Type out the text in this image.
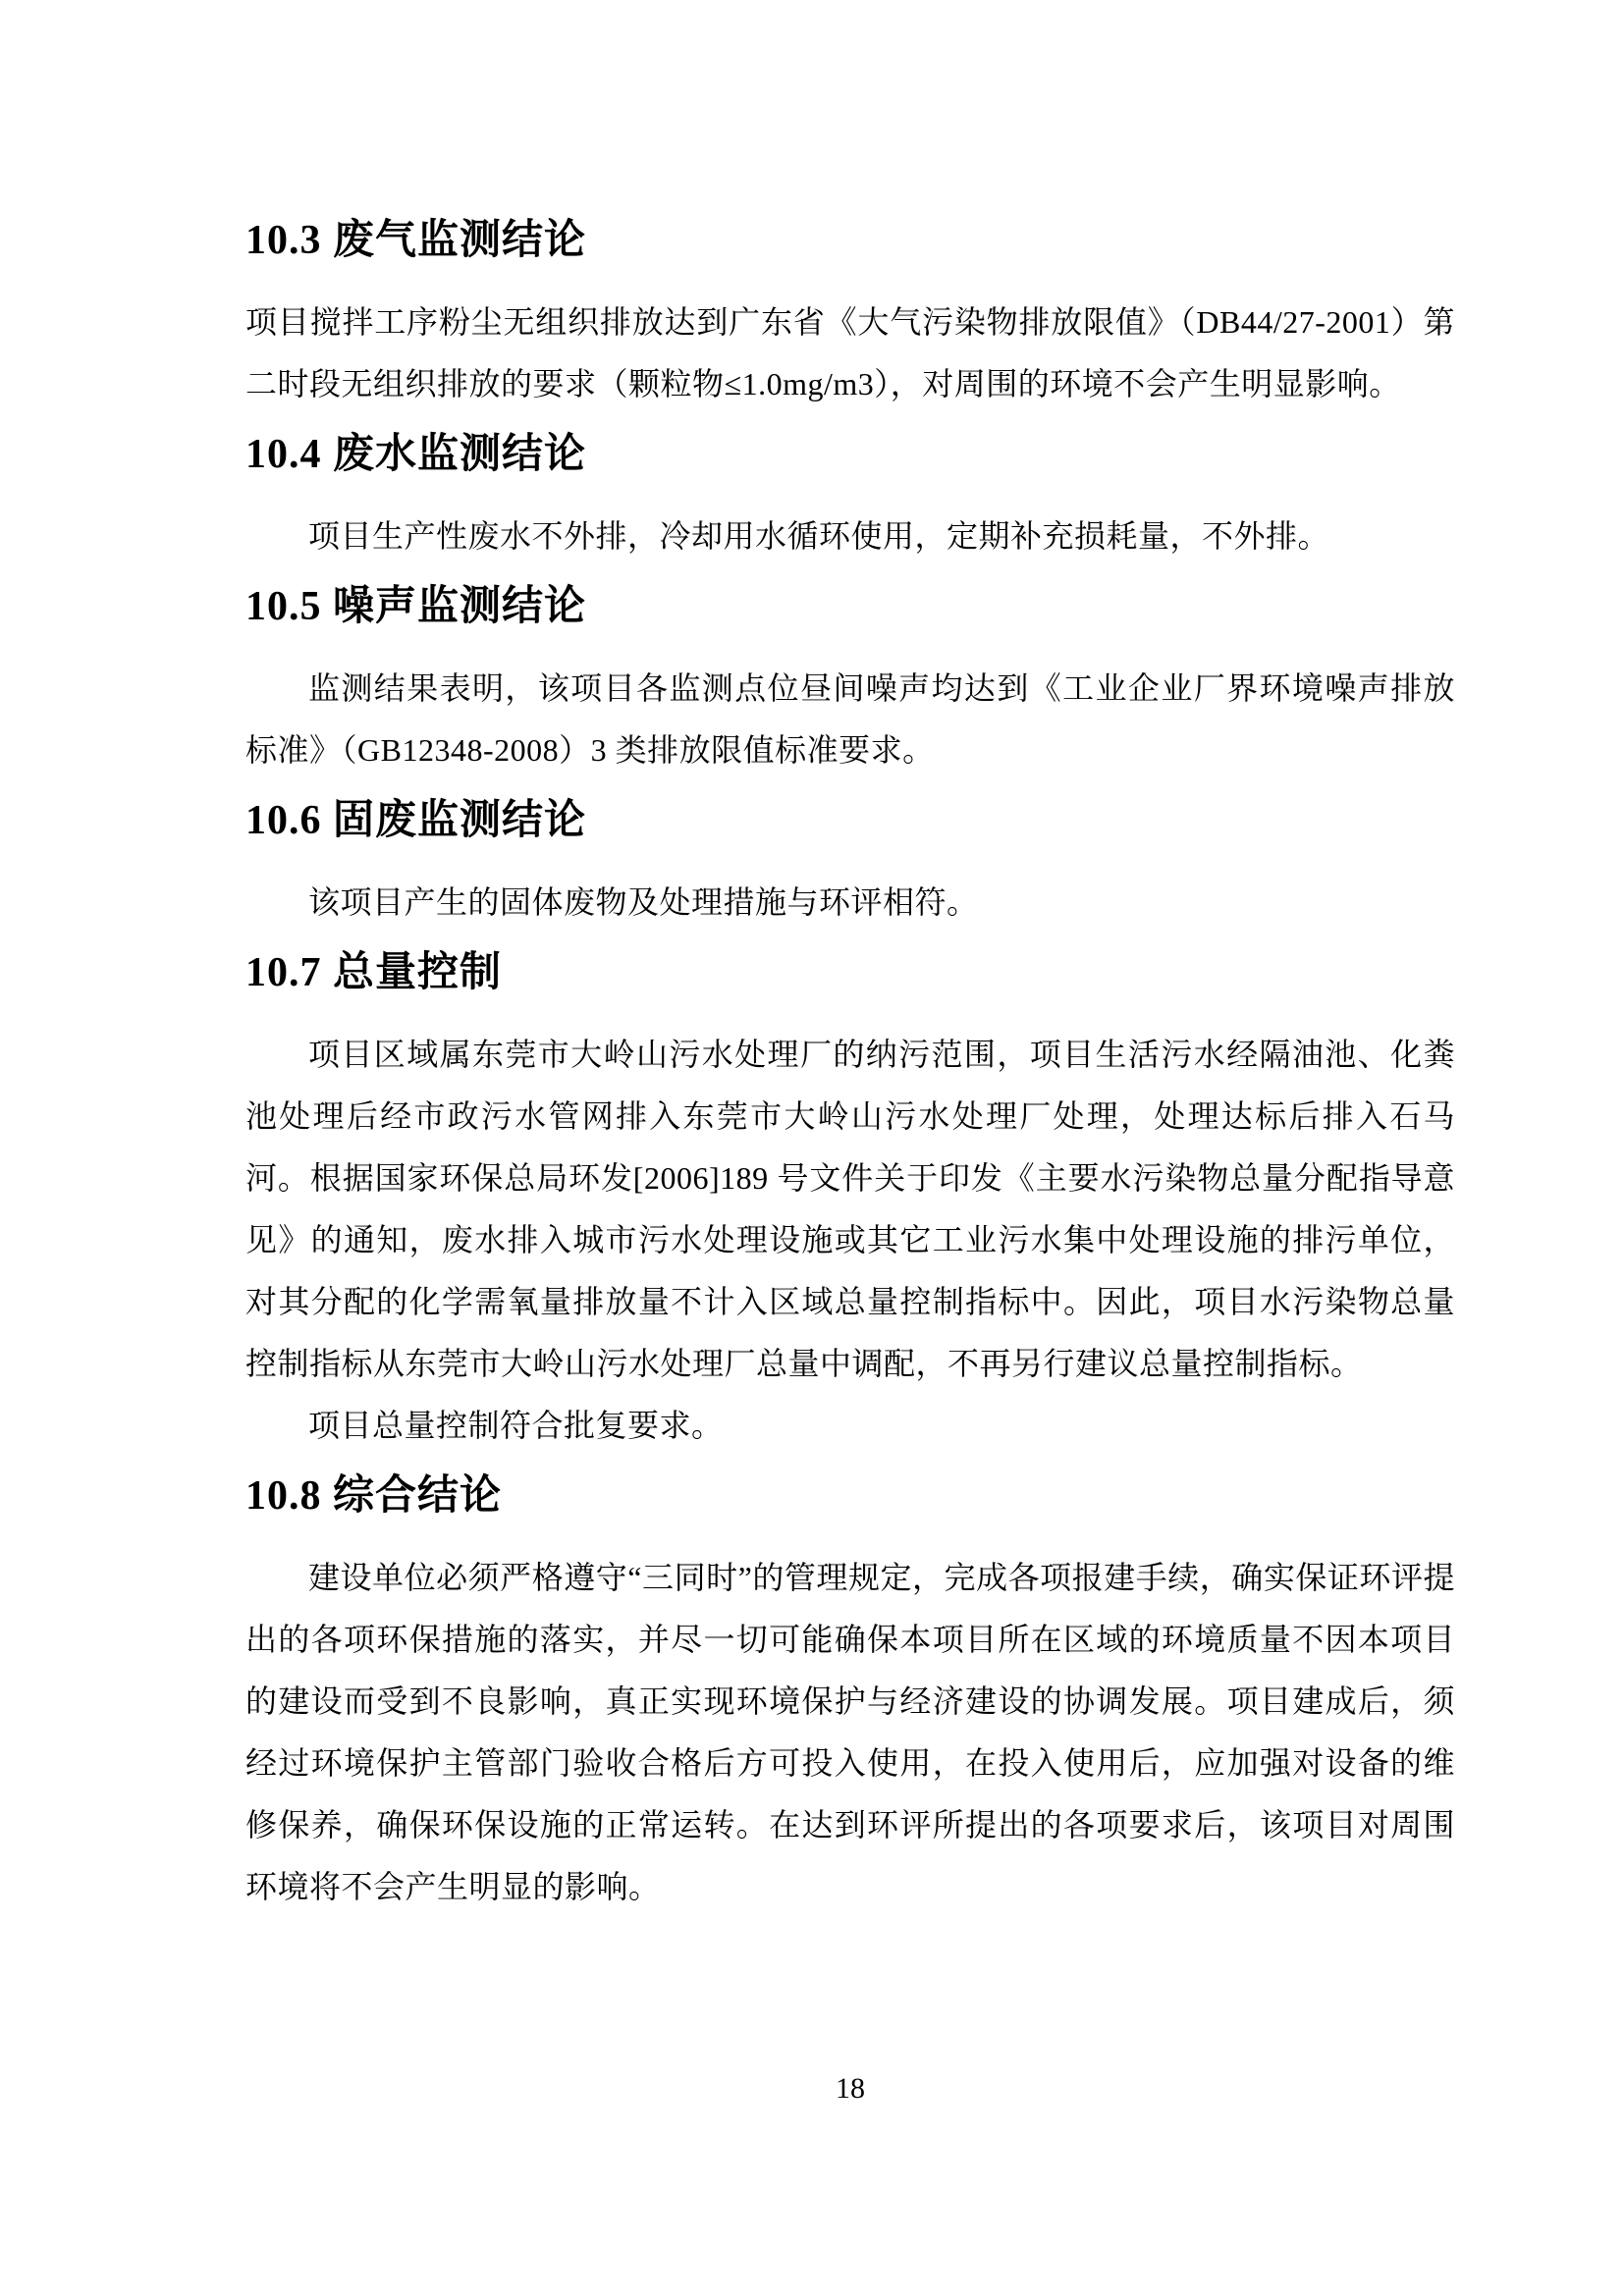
10.3 废气监测结论

项目搅拌工序粉尘无组织排放达到广东省《大气污染物排放限值》（DB44/27-2001）第二时段无组织排放的要求（颗粒物≤1.0mg/m3），对周围的环境不会产生明显影响。

10.4 废水监测结论

项目生产性废水不外排，冷却用水循环使用，定期补充损耗量，不外排。

10.5 噪声监测结论

监测结果表明，该项目各监测点位昼间噪声均达到《工业企业厂界环境噪声排放标准》（GB12348-2008）3 类排放限值标准要求。

10.6 固废监测结论

该项目产生的固体废物及处理措施与环评相符。

10.7 总量控制

项目区域属东莞市大岭山污水处理厂的纳污范围，项目生活污水经隔油池、化粪池处理后经市政污水管网排入东莞市大岭山污水处理厂处理，处理达标后排入石马河。根据国家环保总局环发[2006]189 号文件关于印发《主要水污染物总量分配指导意见》的通知，废水排入城市污水处理设施或其它工业污水集中处理设施的排污单位，对其分配的化学需氧量排放量不计入区域总量控制指标中。因此，项目水污染物总量控制指标从东莞市大岭山污水处理厂总量中调配，不再另行建议总量控制指标。

项目总量控制符合批复要求。

10.8 综合结论

建设单位必须严格遵守“三同时”的管理规定，完成各项报建手续，确实保证环评提出的各项环保措施的落实，并尽一切可能确保本项目所在区域的环境质量不因本项目的建设而受到不良影响，真正实现环境保护与经济建设的协调发展。项目建成后，须经过环境保护主管部门验收合格后方可投入使用，在投入使用后，应加强对设备的维修保养，确保环保设施的正常运转。在达到环评所提出的各项要求后，该项目对周围环境将不会产生明显的影响。

18
